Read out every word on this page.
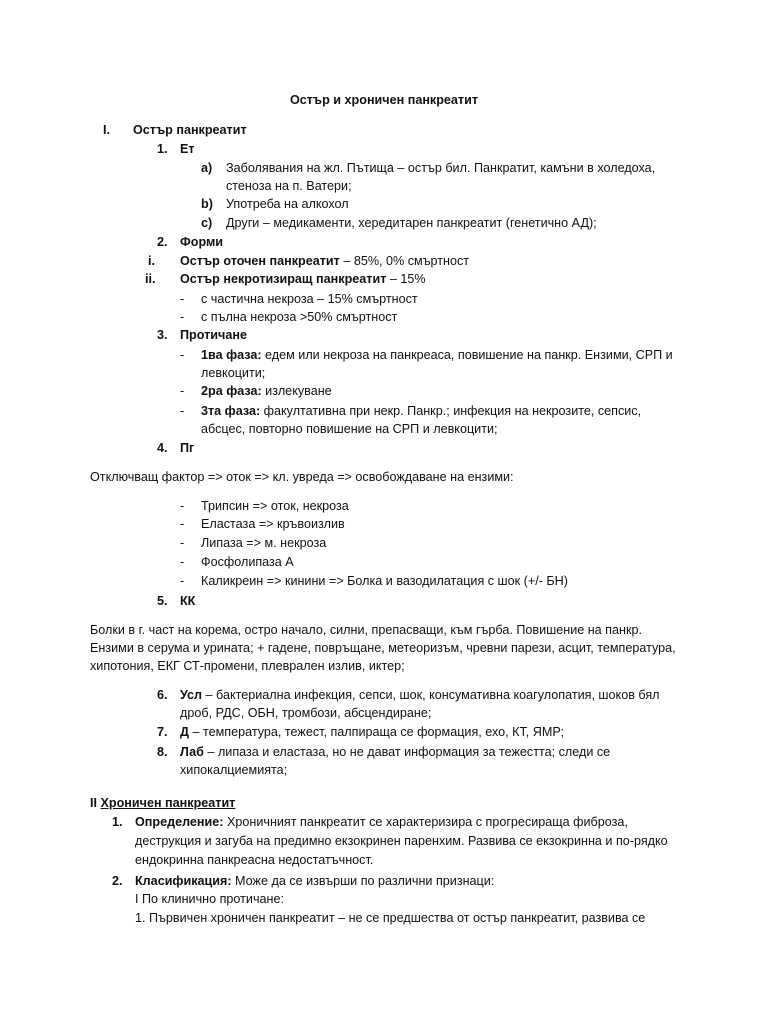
Остър и хроничен панкреатит
I. Остър панкреатит
1. Ет
a) Заболявания на жл. Пътища – остър бил. Панкратит, камъни в холедоха,
стеноза на п. Ватери;
b) Употреба на алкохол
c) Други – медикаменти, хередитарен панкреатит (генетично АД);
2. Форми
i. Остър оточен панкреатит – 85%, 0% смъртност
ii. Остър некротизиращ панкреатит – 15%
- с частична некроза – 15% смъртност
- с пълна некроза >50% смъртност
3. Протичане
- 1ва фаза: едем или некроза на панкреаса, повишение на панкр. Ензими, СРП и
левкоцити;
- 2ра фаза: излекуване
- 3та фаза: факултативна при некр. Панкр.; инфекция на некрозите, сепсис,
абсцес, повторно повишение на СРП и левкоцити;
4. Пг
Отключващ фактор => оток => кл. увреда => освобождаване на ензими:
- Трипсин => оток, некроза
- Еластаза => кръвоизлив
- Липаза => м. некроза
- Фосфолипаза А
- Каликреин => кинини => Болка и вазодилатация с шок (+/- БН)
5. КК
Болки в г. част на корема, остро начало, силни, препасващи, към гърба. Повишение на панкр.
Ензими в серума и урината; + гадене, повръщане, метеоризъм, чревни парези, асцит, температура,
хипотония, ЕКГ СТ-промени, плеврален излив, иктер;
6. Усл – бактериална инфекция, сепси, шок, консумативна коагулопатия, шоков бял
дроб, РДС, ОБН, тромбози, абсцендиране;
7. Д – температура, тежест, палпираща се формация, ехо, КТ, ЯМР;
8. Лаб – липаза и еластаза, но не дават информация за тежестта; следи се
хипокалциемията;
II Хроничен панкреатит
1. Определение: Хроничният панкреатит се характеризира с прогресираща фиброза,
деструкция и загуба на предимно екзокринен паренхим. Развива се екзокринна и по-рядко
ендокринна панкреасна недостатъчност.
2. Класификация: Може да се извърши по различни признаци:
I По клинично протичане:
1. Първичен хроничен панкреатит – не се предшества от остър панкреатит, развива се
